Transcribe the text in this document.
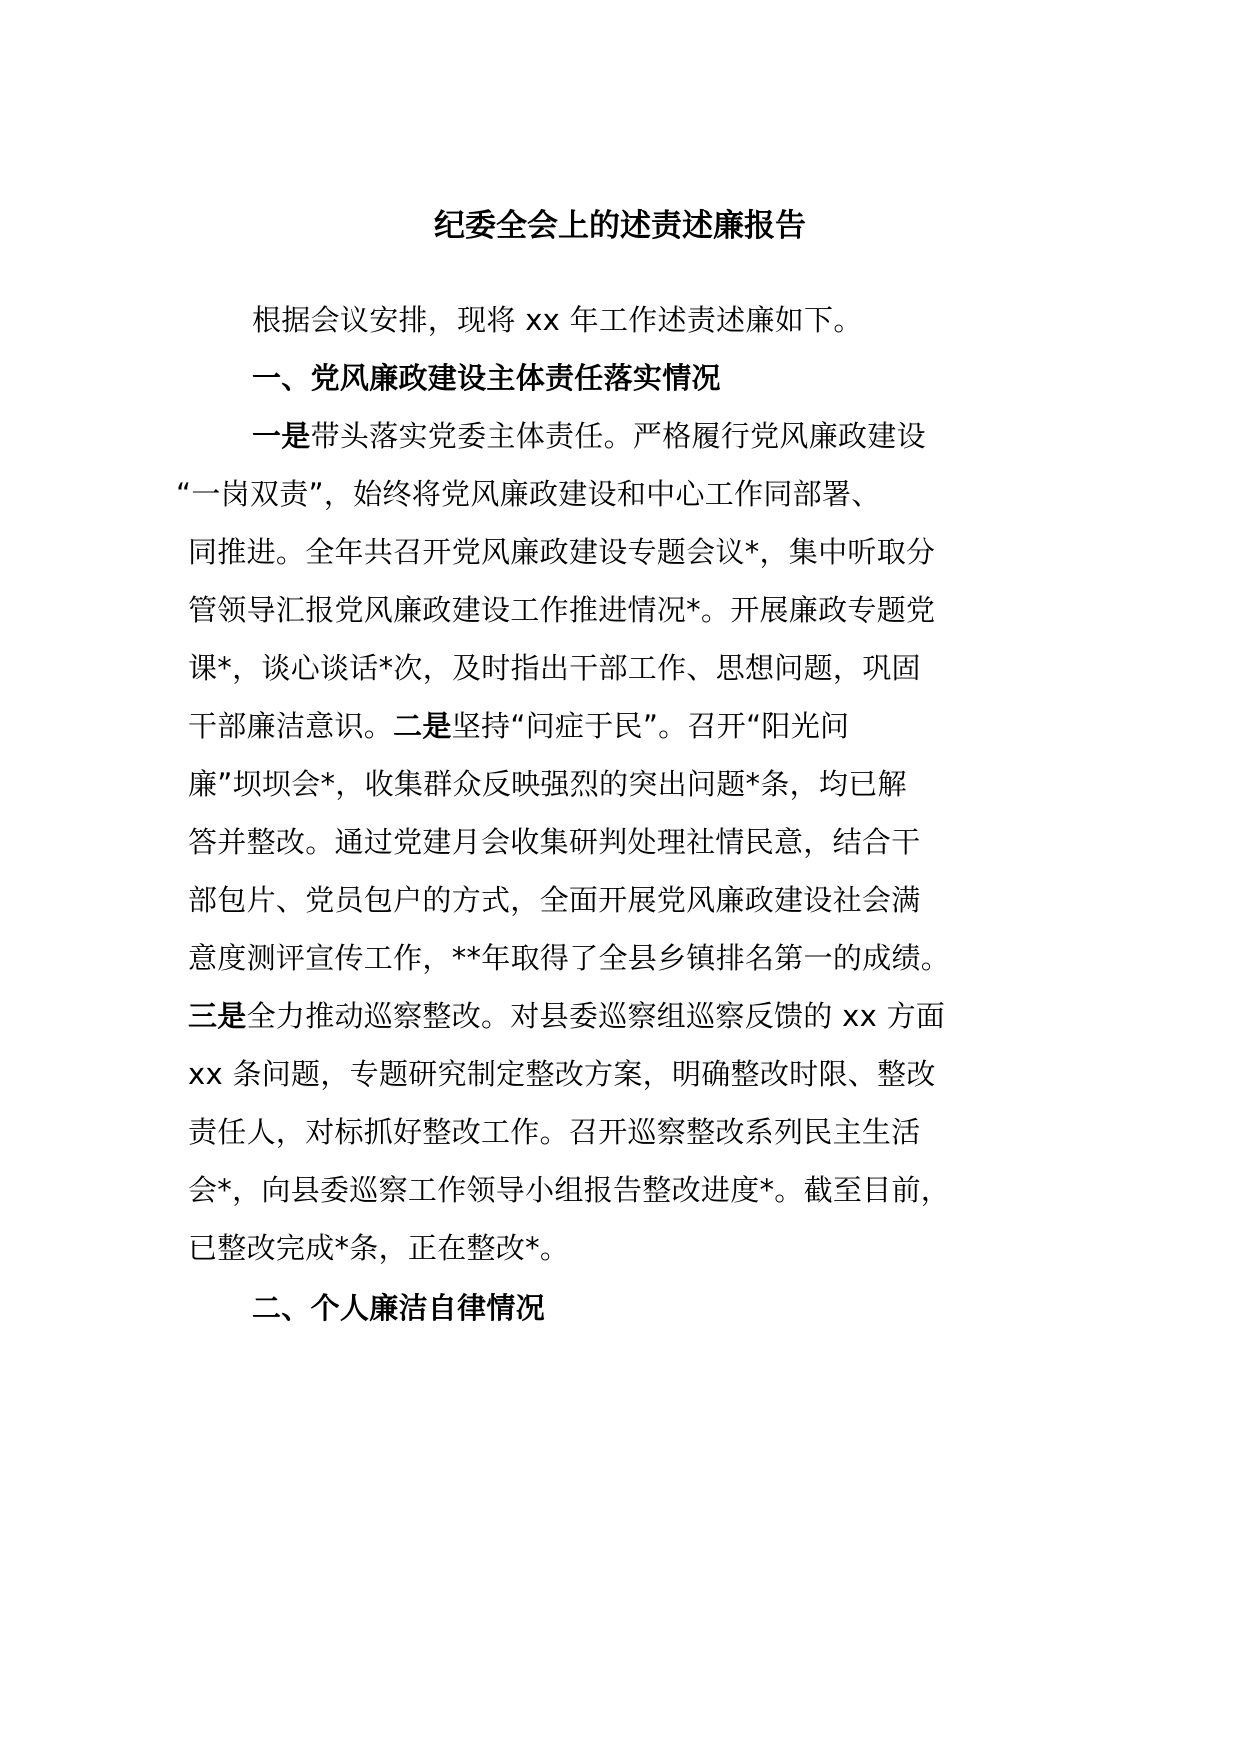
纪委全会上的述责述廉报告
根据会议安排，现将 xx 年工作述责述廉如下。
一、党风廉政建设主体责任落实情况
一是带头落实党委主体责任。严格履行党风廉政建设
“一岗双责”，始终将党风廉政建设和中心工作同部署、
同推进。全年共召开党风廉政建设专题会议*，集中听取分
管领导汇报党风廉政建设工作推进情况*。开展廉政专题党
课*，谈心谈话*次，及时指出干部工作、思想问题，巩固
干部廉洁意识。二是坚持“问症于民”。召开“阳光问
廉”坝坝会*，收集群众反映强烈的突出问题*条，均已解
答并整改。通过党建月会收集研判处理社情民意，结合干
部包片、党员包户的方式，全面开展党风廉政建设社会满
意度测评宣传工作，**年取得了全县乡镇排名第一的成绩。
三是全力推动巡察整改。对县委巡察组巡察反馈的 xx 方面
xx 条问题，专题研究制定整改方案，明确整改时限、整改
责任人，对标抓好整改工作。召开巡察整改系列民主生活
会*，向县委巡察工作领导小组报告整改进度*。截至目前，
已整改完成*条，正在整改*。
二、个人廉洁自律情况
